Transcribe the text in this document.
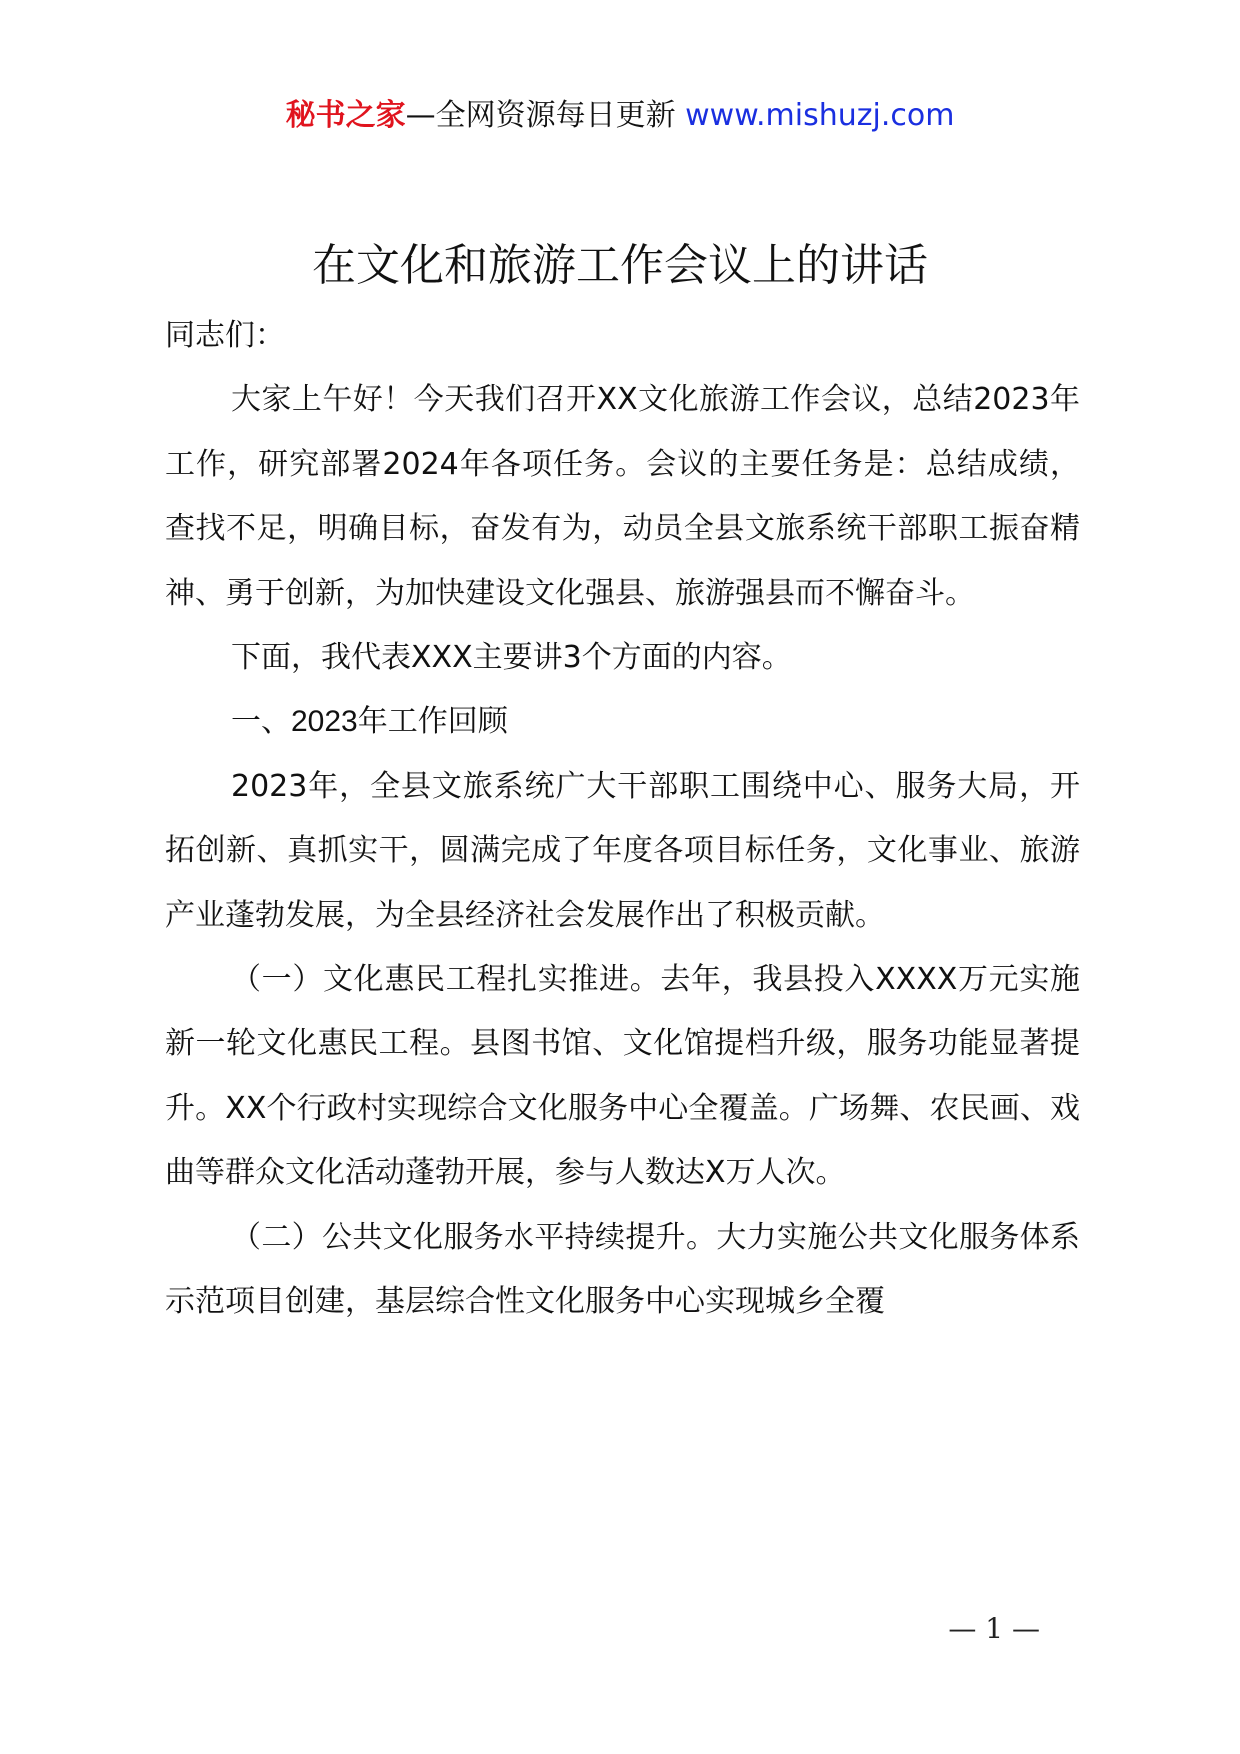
秘书之家—全网资源每日更新 www.mishuzj.com
在文化和旅游工作会议上的讲话

同志们：

大家上午好！今天我们召开XX文化旅游工作会议，总结2023年工作，研究部署2024年各项任务。会议的主要任务是：总结成绩，查找不足，明确目标，奋发有为，动员全县文旅系统干部职工振奋精神、勇于创新，为加快建设文化强县、旅游强县而不懈奋斗。

下面，我代表XXX主要讲3个方面的内容。

一、2023年工作回顾

2023年，全县文旅系统广大干部职工围绕中心、服务大局，开拓创新、真抓实干，圆满完成了年度各项目标任务，文化事业、旅游产业蓬勃发展，为全县经济社会发展作出了积极贡献。

（一）文化惠民工程扎实推进。去年，我县投入XXXX万元实施新一轮文化惠民工程。县图书馆、文化馆提档升级，服务功能显著提升。XX个行政村实现综合文化服务中心全覆盖。广场舞、农民画、戏曲等群众文化活动蓬勃开展，参与人数达X万人次。

（二）公共文化服务水平持续提升。大力实施公共文化服务体系示范项目创建，基层综合性文化服务中心实现城乡全覆

— 1 —
